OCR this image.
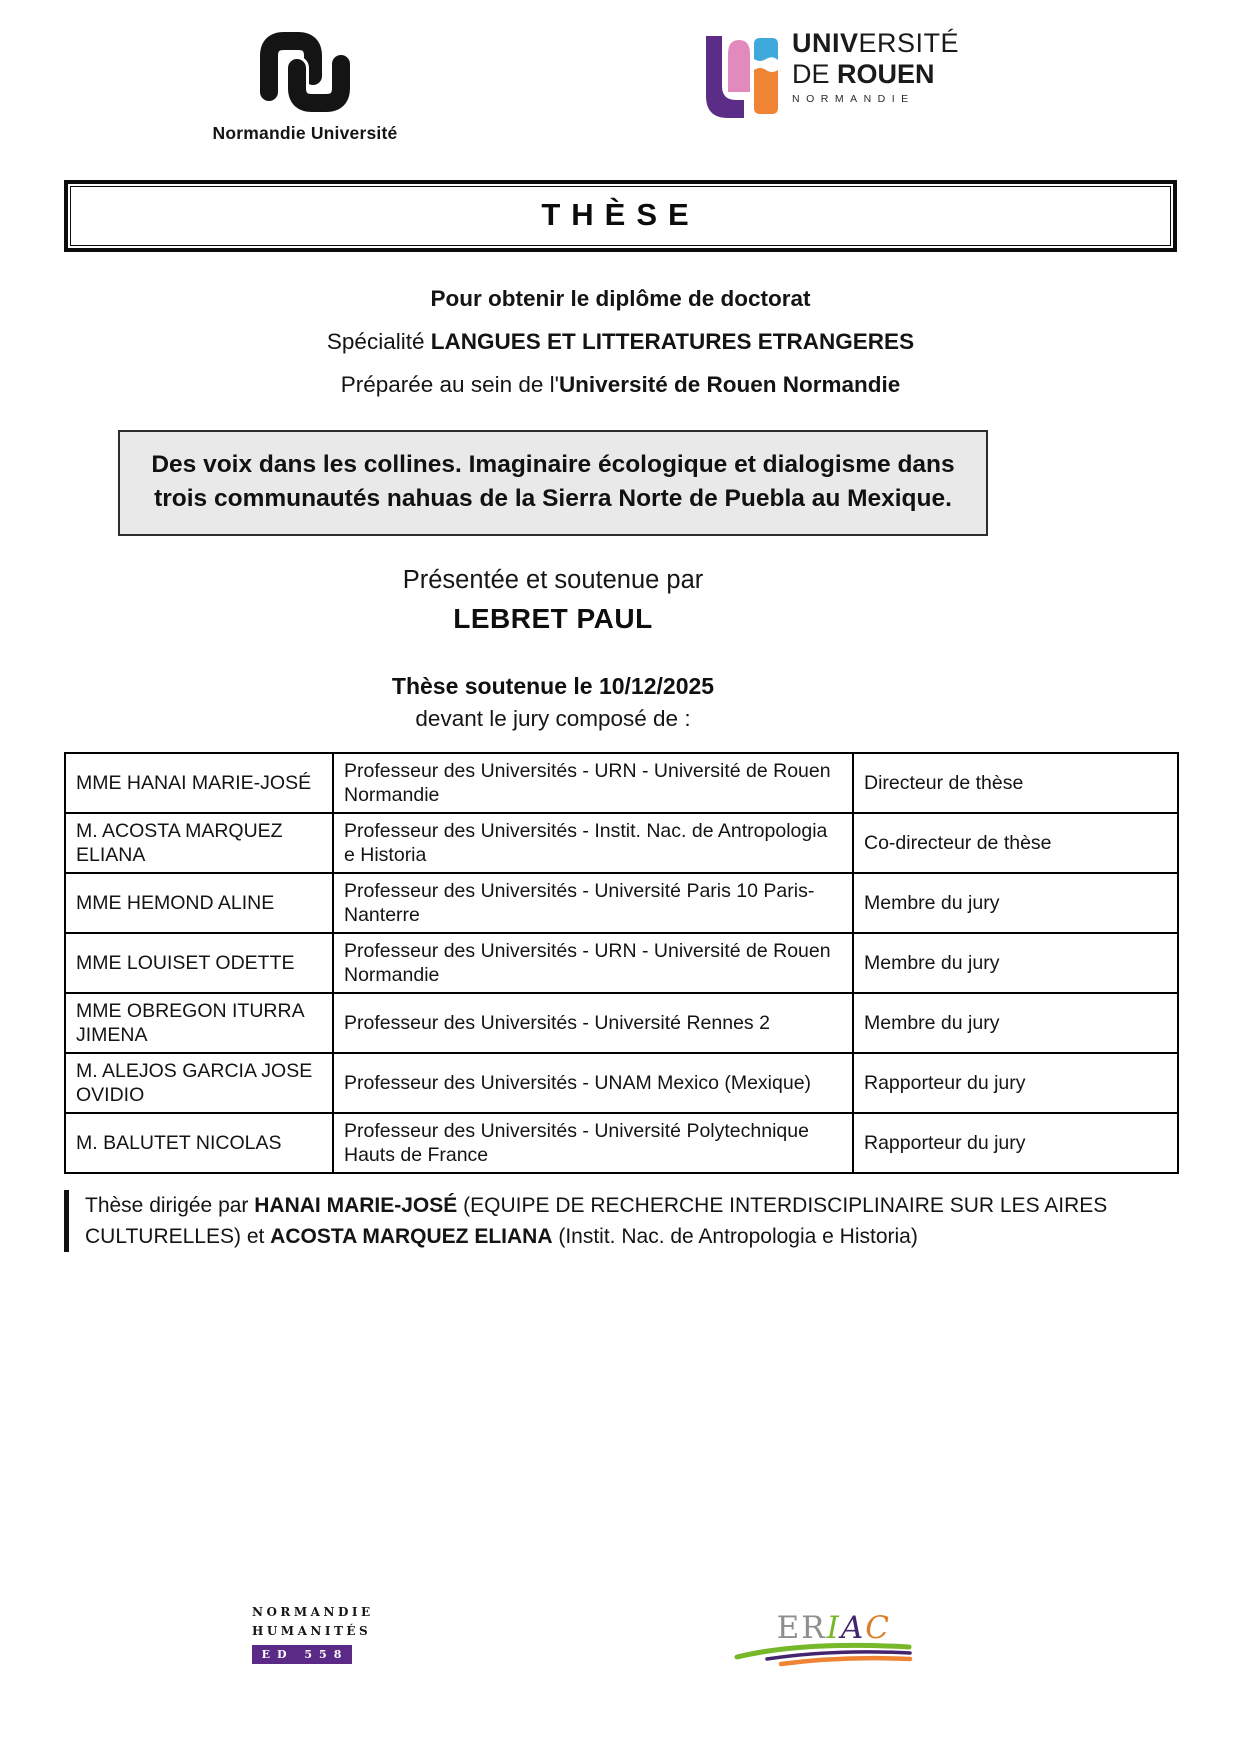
Normandie Université
UNIVERSITÉ
DE ROUEN
NORMANDIE
THÈSE
Pour obtenir le diplôme de doctorat
Spécialité LANGUES ET LITTERATURES ETRANGERES
Préparée au sein de l'Université de Rouen Normandie
Des voix dans les collines. Imaginaire écologique et dialogisme dans trois communautés nahuas de la Sierra Norte de Puebla au Mexique.
Présentée et soutenue par
LEBRET PAUL
Thèse soutenue le 10/12/2025
devant le jury composé de :
MME HANAI MARIE-JOSÉ	Professeur des Universités - URN - Université de Rouen Normandie	Directeur de thèse
M. ACOSTA MARQUEZ ELIANA	Professeur des Universités - Instit. Nac. de Antropologia e Historia	Co-directeur de thèse
MME HEMOND ALINE	Professeur des Universités - Université Paris 10 Paris-Nanterre	Membre du jury
MME LOUISET ODETTE	Professeur des Universités - URN - Université de Rouen Normandie	Membre du jury
MME OBREGON ITURRA JIMENA	Professeur des Universités - Université Rennes 2	Membre du jury
M. ALEJOS GARCIA JOSE OVIDIO	Professeur des Universités - UNAM Mexico (Mexique)	Rapporteur du jury
M. BALUTET NICOLAS	Professeur des Universités - Université Polytechnique Hauts de France	Rapporteur du jury
Thèse dirigée par HANAI MARIE-JOSÉ (EQUIPE DE RECHERCHE INTERDISCIPLINAIRE SUR LES AIRES CULTURELLES) et ACOSTA MARQUEZ ELIANA (Instit. Nac. de Antropologia e Historia)
NORMANDIE
HUMANITÉS
ED 558
ERIAC
